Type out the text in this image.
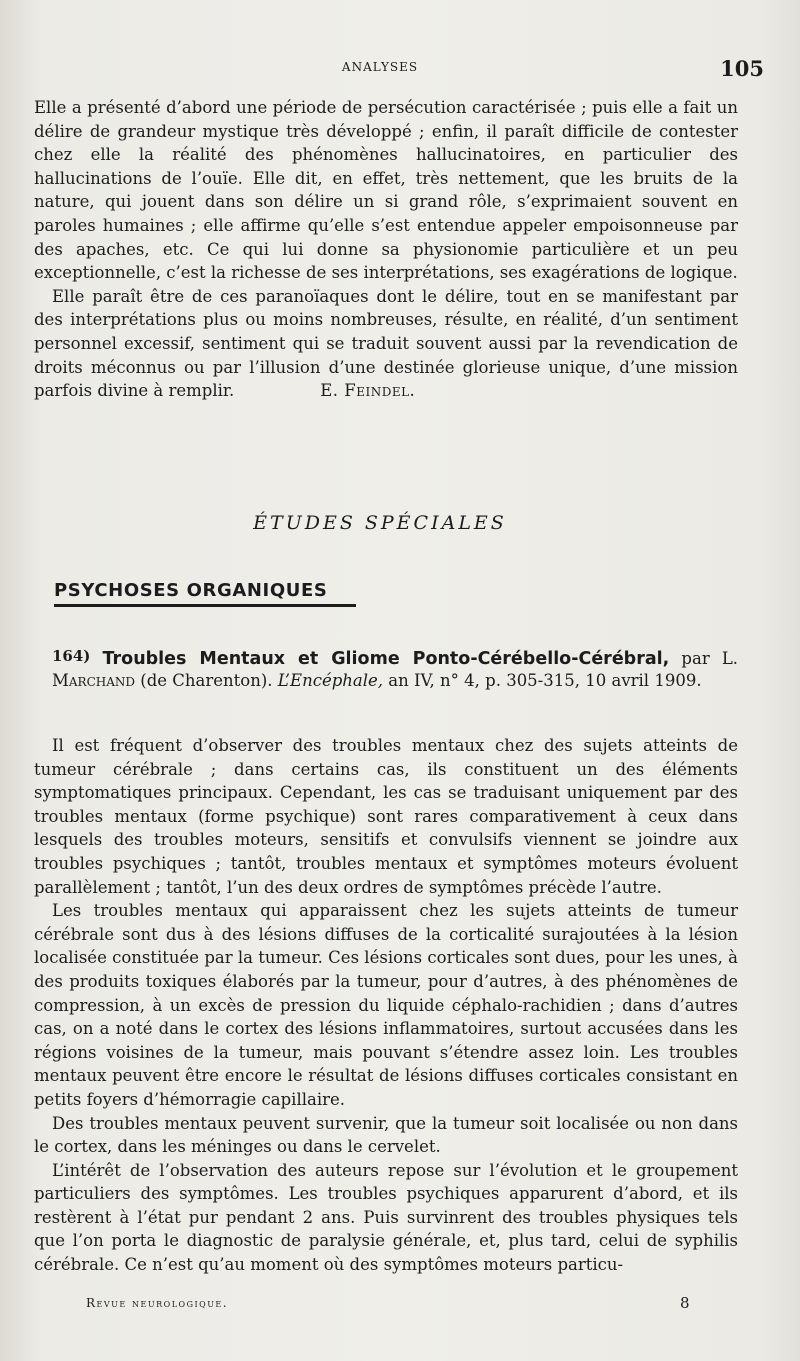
ANALYSES	105

Elle a présenté d’abord une période de persécution caractérisée ; puis elle a fait un délire de grandeur mystique très développé ; enfin, il paraît difficile de contester chez elle la réalité des phénomènes hallucinatoires, en particulier des hallucinations de l’ouïe. Elle dit, en effet, très nettement, que les bruits de la nature, qui jouent dans son délire un si grand rôle, s’exprimaient souvent en paroles humaines ; elle affirme qu’elle s’est entendue appeler empoisonneuse par des apaches, etc. Ce qui lui donne sa physionomie particulière et un peu exceptionnelle, c’est la richesse de ses interprétations, ses exagérations de logique.

Elle paraît être de ces paranoïaques dont le délire, tout en se manifestant par des interprétations plus ou moins nombreuses, résulte, en réalité, d’un sentiment personnel excessif, sentiment qui se traduit souvent aussi par la revendication de droits méconnus ou par l’illusion d’une destinée glorieuse unique, d’une mission parfois divine à remplir.	E. Feindel.

ÉTUDES SPÉCIALES
PSYCHOSES ORGANIQUES
164) Troubles Mentaux et Gliome Ponto-Cérébello-Cérébral, par L. Marchand (de Charenton). L’Encéphale, an IV, n° 4, p. 305-315, 10 avril 1909.

Il est fréquent d’observer des troubles mentaux chez des sujets atteints de tumeur cérébrale ; dans certains cas, ils constituent un des éléments symptomatiques principaux. Cependant, les cas se traduisant uniquement par des troubles mentaux (forme psychique) sont rares comparativement à ceux dans lesquels des troubles moteurs, sensitifs et convulsifs viennent se joindre aux troubles psychiques ; tantôt, troubles mentaux et symptômes moteurs évoluent parallèlement ; tantôt, l’un des deux ordres de symptômes précède l’autre.

Les troubles mentaux qui apparaissent chez les sujets atteints de tumeur cérébrale sont dus à des lésions diffuses de la corticalité surajoutées à la lésion localisée constituée par la tumeur. Ces lésions corticales sont dues, pour les unes, à des produits toxiques élaborés par la tumeur, pour d’autres, à des phénomènes de compression, à un excès de pression du liquide céphalo-rachidien ; dans d’autres cas, on a noté dans le cortex des lésions inflammatoires, surtout accusées dans les régions voisines de la tumeur, mais pouvant s’étendre assez loin. Les troubles mentaux peuvent être encore le résultat de lésions diffuses corticales consistant en petits foyers d’hémorragie capillaire.

Des troubles mentaux peuvent survenir, que la tumeur soit localisée ou non dans le cortex, dans les méninges ou dans le cervelet.

L’intérêt de l’observation des auteurs repose sur l’évolution et le groupement particuliers des symptômes. Les troubles psychiques apparurent d’abord, et ils restèrent à l’état pur pendant 2 ans. Puis survinrent des troubles physiques tels que l’on porta le diagnostic de paralysie générale, et, plus tard, celui de syphilis cérébrale. Ce n’est qu’au moment où des symptômes moteurs particu-

Revue neurologique.	8
